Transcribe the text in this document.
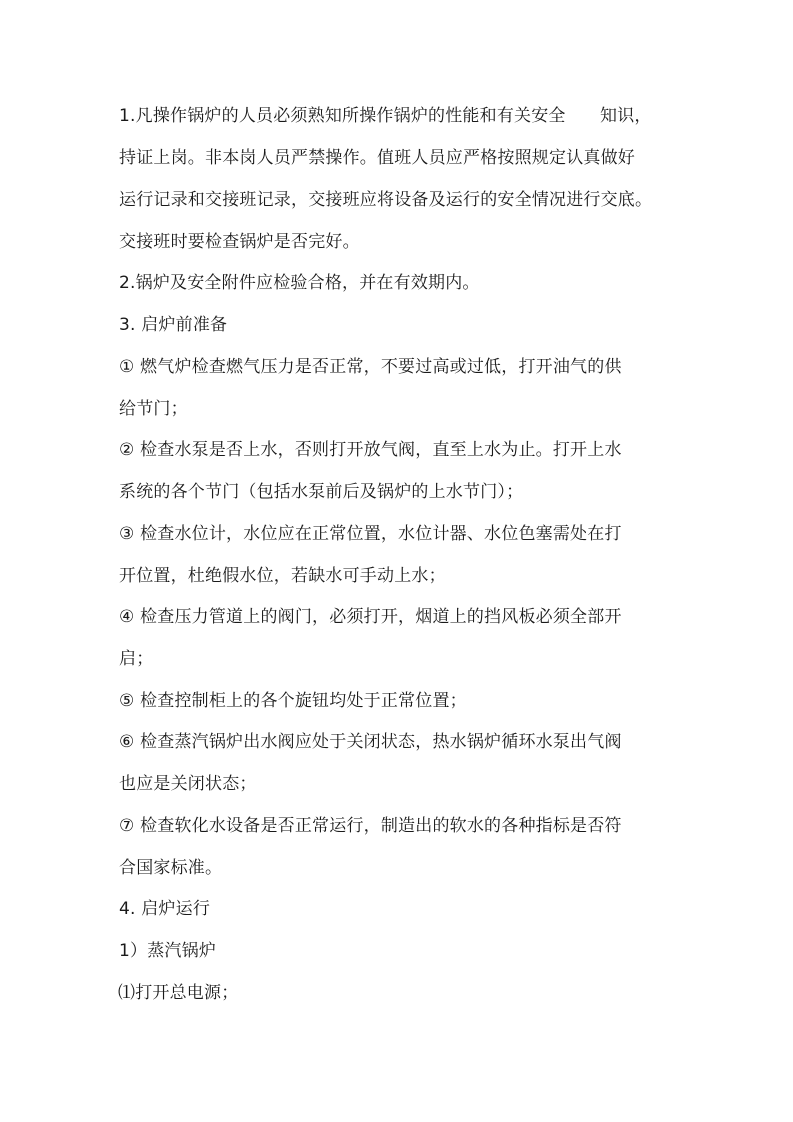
1.凡操作锅炉的人员必须熟知所操作锅炉的性能和有关安全　　知识，
持证上岗。非本岗人员严禁操作。值班人员应严格按照规定认真做好
运行记录和交接班记录，交接班应将设备及运行的安全情况进行交底。
交接班时要检查锅炉是否完好。
2.锅炉及安全附件应检验合格，并在有效期内。
3. 启炉前准备
① 燃气炉检查燃气压力是否正常，不要过高或过低，打开油气的供
给节门；
② 检查水泵是否上水，否则打开放气阀，直至上水为止。打开上水
系统的各个节门（包括水泵前后及锅炉的上水节门）；
③ 检查水位计，水位应在正常位置，水位计器、水位色塞需处在打
开位置，杜绝假水位，若缺水可手动上水；
④ 检查压力管道上的阀门，必须打开，烟道上的挡风板必须全部开
启；
⑤ 检查控制柜上的各个旋钮均处于正常位置；
⑥ 检查蒸汽锅炉出水阀应处于关闭状态，热水锅炉循环水泵出气阀
也应是关闭状态；
⑦ 检查软化水设备是否正常运行，制造出的软水的各种指标是否符
合国家标准。
4. 启炉运行
1）蒸汽锅炉
⑴打开总电源；
